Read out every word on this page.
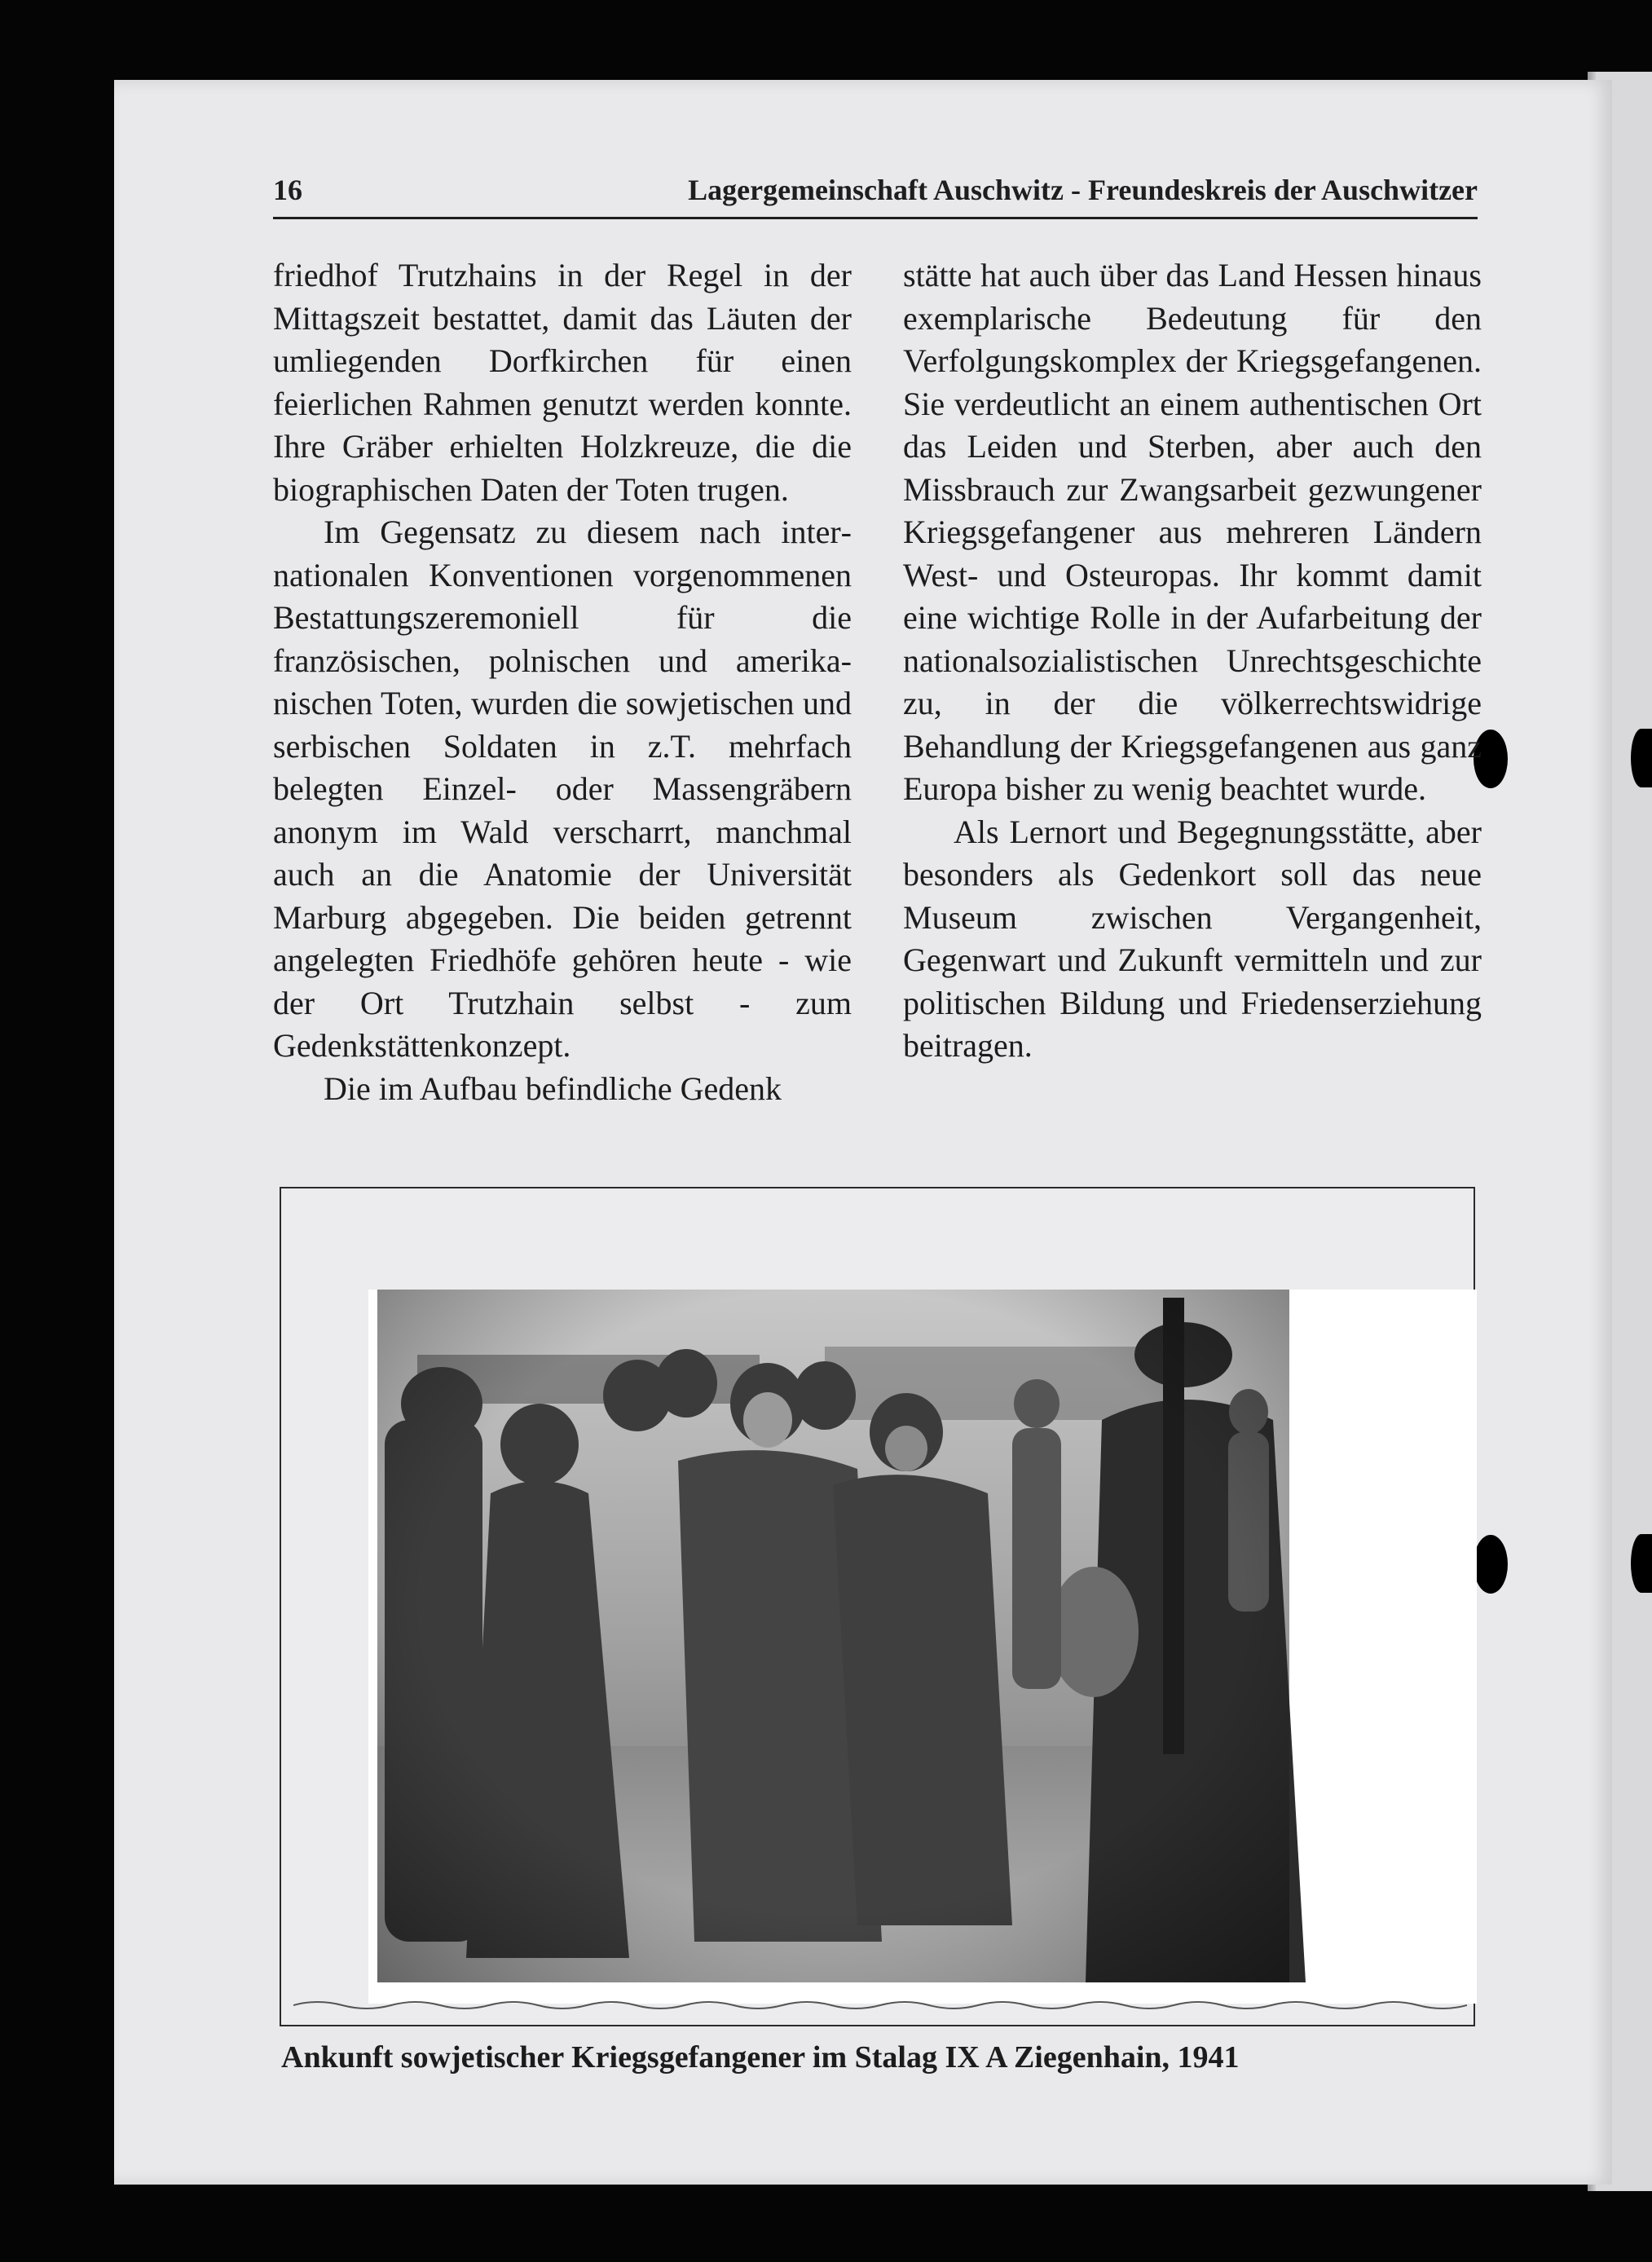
16	Lagergemeinschaft Auschwitz - Freundeskreis der Auschwitzer

friedhof Trutzhains in der Regel in der Mittagszeit bestattet, damit das Läuten der umliegenden Dorfkirchen für einen feierlichen Rahmen genutzt werden konnte. Ihre Gräber erhielten Holzkreuze, die die biographischen Daten der Toten trugen.

Im Gegensatz zu diesem nach internationalen Konventionen vorgenommenen Bestattungszeremoniell für die französischen, polnischen und amerikanischen Toten, wurden die sowjetischen und serbischen Soldaten in z.T. mehrfach belegten Einzel- oder Massengräbern anonym im Wald verscharrt, manchmal auch an die Anatomie der Universität Marburg abgegeben. Die beiden getrennt angelegten Friedhöfe gehören heute - wie der Ort Trutzhain selbst - zum Gedenkstättenkonzept.

Die im Aufbau befindliche Gedenk

stätte hat auch über das Land Hessen hinaus exemplarische Bedeutung für den Verfolgungskomplex der Kriegsgefangenen. Sie verdeutlicht an einem authentischen Ort das Leiden und Sterben, aber auch den Missbrauch zur Zwangsarbeit gezwungener Kriegsgefangener aus mehreren Ländern West- und Osteuropas. Ihr kommt damit eine wichtige Rolle in der Aufarbeitung der nationalsozialistischen Unrechtsgeschichte zu, in der die völkerrechtswidrige Behandlung der Kriegsgefangenen aus ganz Europa bisher zu wenig beachtet wurde.

Als Lernort und Begegnungsstätte, aber besonders als Gedenkort soll das neue Museum zwischen Vergangenheit, Gegenwart und Zukunft vermitteln und zur politischen Bildung und Friedenserziehung beitragen.

Ankunft sowjetischer Kriegsgefangener im Stalag IX A Ziegenhain, 1941
